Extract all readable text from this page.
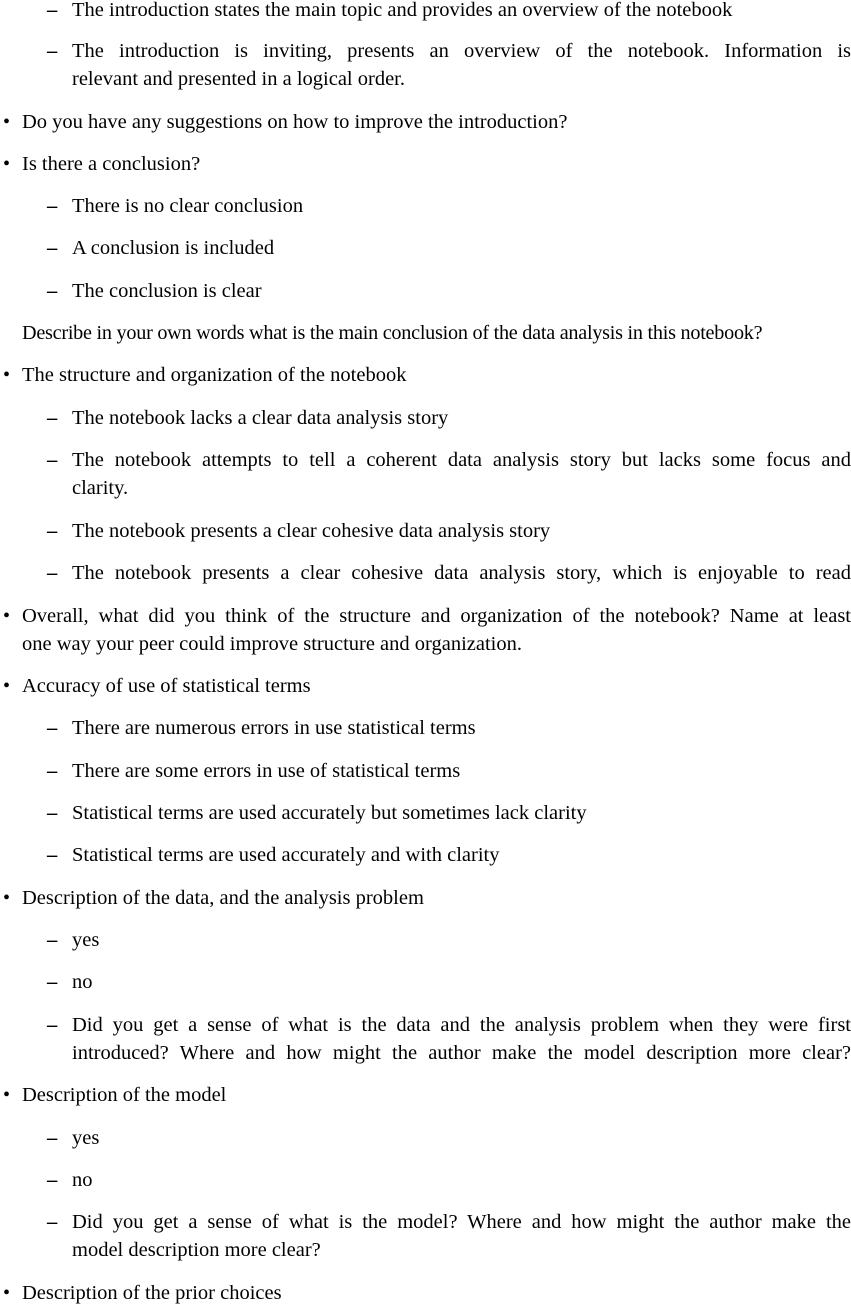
– The introduction states the main topic and provides an overview of the notebook
– The introduction is inviting, presents an overview of the notebook. Information is
relevant and presented in a logical order.
• Do you have any suggestions on how to improve the introduction?
• Is there a conclusion?
– There is no clear conclusion
– A conclusion is included
– The conclusion is clear
Describe in your own words what is the main conclusion of the data analysis in this notebook?
• The structure and organization of the notebook
– The notebook lacks a clear data analysis story
– The notebook attempts to tell a coherent data analysis story but lacks some focus and
clarity.
– The notebook presents a clear cohesive data analysis story
– The notebook presents a clear cohesive data analysis story, which is enjoyable to read
• Overall, what did you think of the structure and organization of the notebook? Name at least
one way your peer could improve structure and organization.
• Accuracy of use of statistical terms
– There are numerous errors in use statistical terms
– There are some errors in use of statistical terms
– Statistical terms are used accurately but sometimes lack clarity
– Statistical terms are used accurately and with clarity
• Description of the data, and the analysis problem
– yes
– no
– Did you get a sense of what is the data and the analysis problem when they were first
introduced? Where and how might the author make the model description more clear?
• Description of the model
– yes
– no
– Did you get a sense of what is the model? Where and how might the author make the
model description more clear?
• Description of the prior choices
